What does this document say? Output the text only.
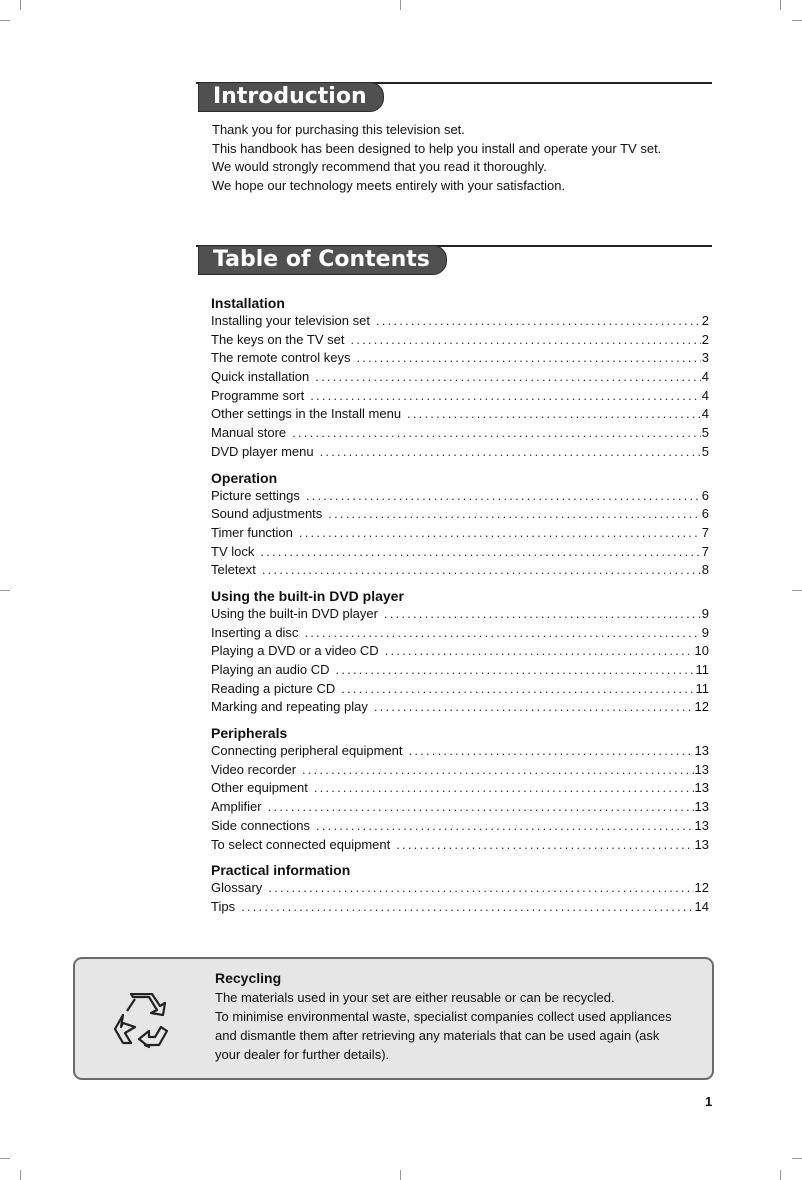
Introduction

Thank you for purchasing this television set.

This handbook has been designed to help you install and operate your TV set.

We would strongly recommend that you read it thoroughly.

We hope our technology meets entirely with your satisfaction.

Table of Contents
Installation
Installing your television set .....	2
The keys on the TV set .....	2
The remote control keys .....	3
Quick installation .....	4
Programme sort .....	4
Other settings in the Install menu .....	4
Manual store .....	5
DVD player menu .....	5
Operation
Picture settings .....	6
Sound adjustments .....	6
Timer function .....	7
TV lock .....	7
Teletext .....	8
Using the built-in DVD player
Using the built-in DVD player .....	9
Inserting a disc .....	9
Playing a DVD or a video CD .....	10
Playing an audio CD .....	11
Reading a picture CD .....	11
Marking and repeating play .....	12
Peripherals
Connecting peripheral equipment .....	13
Video recorder .....	13
Other equipment .....	13
Amplifier .....	13
Side connections .....	13
To select connected equipment .....	13
Practical information
Glossary .....	12
Tips .....	14
Recycling

The materials used in your set are either reusable or can be recycled.

To minimise environmental waste, specialist companies collect used appliances

and dismantle them after retrieving any materials that can be used again (ask

your dealer for further details).

1
